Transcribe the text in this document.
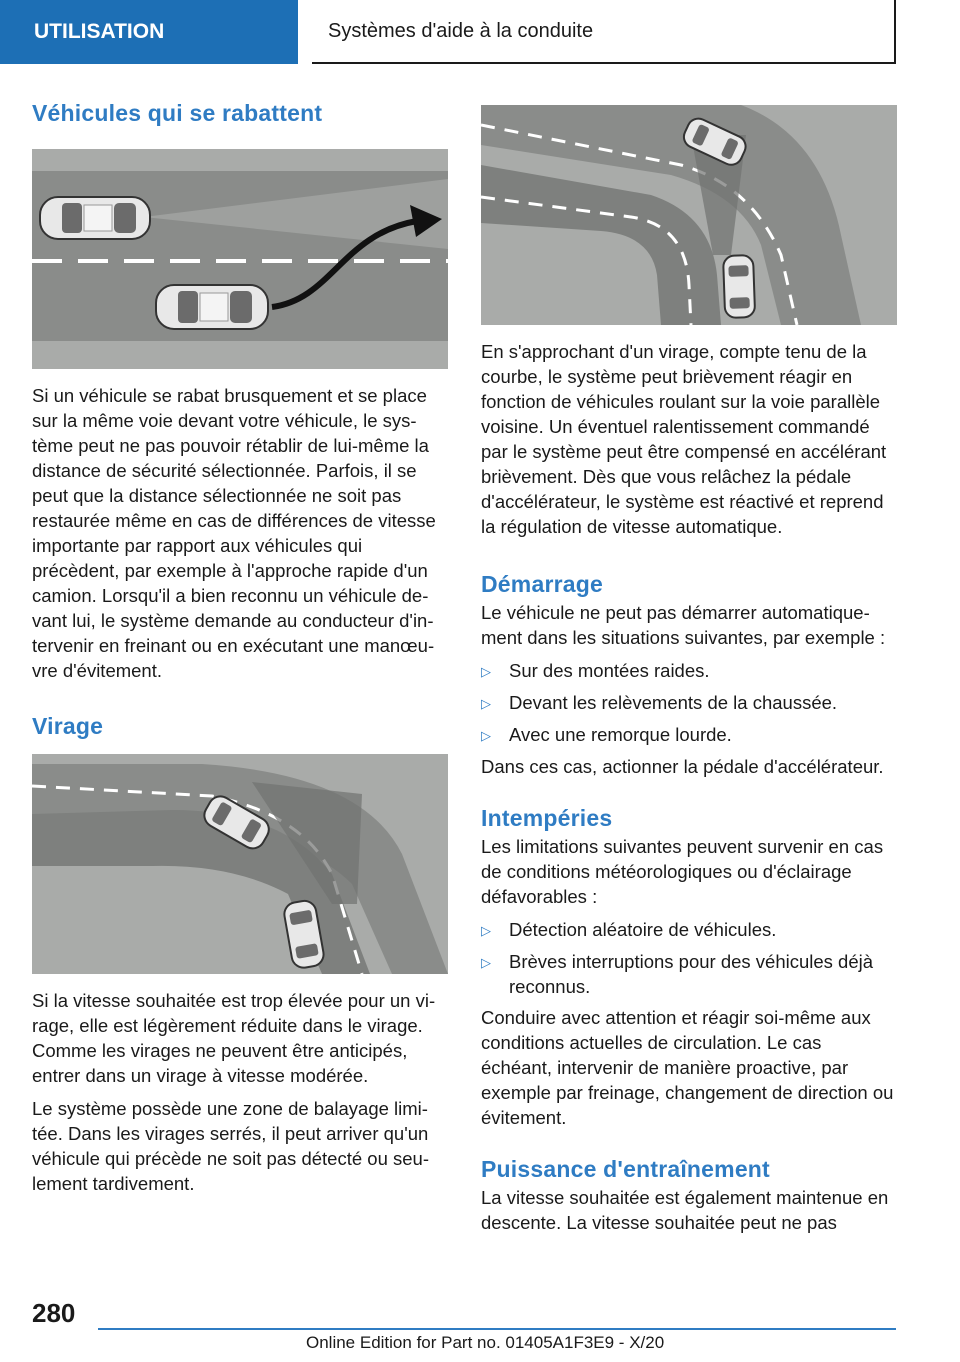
UTILISATION	Systèmes d'aide à la conduite
Véhicules qui se rabattent

Si un véhicule se rabat brusquement et se place sur la même voie devant votre véhicule, le système peut ne pas pouvoir rétablir de lui-même la distance de sécurité sélectionnée. Parfois, il se peut que la distance sélectionnée ne soit pas restaurée même en cas de différences de vitesse importante par rapport aux véhicules qui précèdent, par exemple à l'approche rapide d'un camion. Lorsqu'il a bien reconnu un véhicule devant lui, le système demande au conducteur d'intervenir en freinant ou en exécutant une manœuvre d'évitement.

Virage

Si la vitesse souhaitée est trop élevée pour un virage, elle est légèrement réduite dans le virage. Comme les virages ne peuvent être anticipés, entrer dans un virage à vitesse modérée.

Le système possède une zone de balayage limitée. Dans les virages serrés, il peut arriver qu'un véhicule qui précède ne soit pas détecté ou seulement tardivement.

En s'approchant d'un virage, compte tenu de la courbe, le système peut brièvement réagir en fonction de véhicules roulant sur la voie parallèle voisine. Un éventuel ralentissement commandé par le système peut être compensé en accélérant brièvement. Dès que vous relâchez la pédale d'accélérateur, le système est réactivé et reprend la régulation de vitesse automatique.

Démarrage

Le véhicule ne peut pas démarrer automatiquement dans les situations suivantes, par exemple :

▷ Sur des montées raides.
▷ Devant les relèvements de la chaussée.
▷ Avec une remorque lourde.

Dans ces cas, actionner la pédale d'accélérateur.

Intempéries

Les limitations suivantes peuvent survenir en cas de conditions météorologiques ou d'éclairage défavorables :

▷ Détection aléatoire de véhicules.
▷ Brèves interruptions pour des véhicules déjà reconnus.

Conduire avec attention et réagir soi-même aux conditions actuelles de circulation. Le cas échéant, intervenir de manière proactive, par exemple par freinage, changement de direction ou évitement.

Puissance d'entraînement

La vitesse souhaitée est également maintenue en descente. La vitesse souhaitée peut ne pas

280
Online Edition for Part no. 01405A1F3E9 - X/20
